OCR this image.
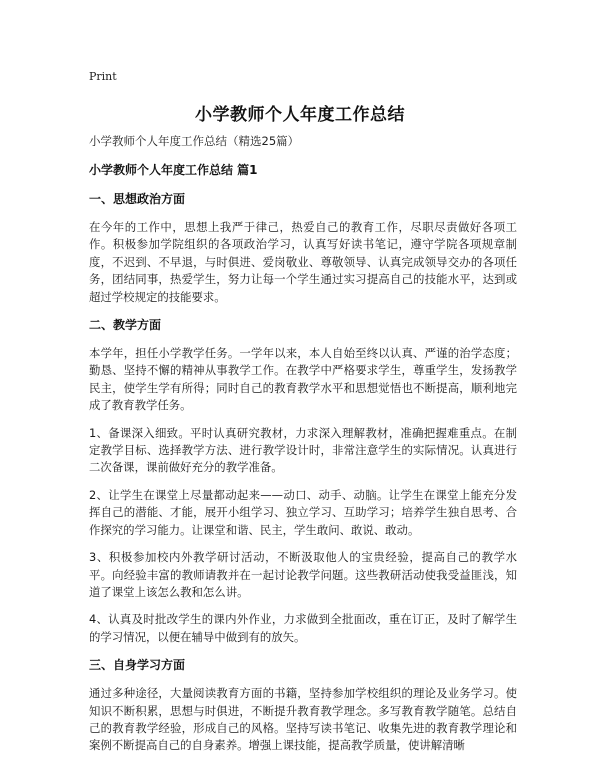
Print
小学教师个人年度工作总结

小学教师个人年度工作总结（精选25篇）

小学教师个人年度工作总结 篇1

一、思想政治方面

在今年的工作中，思想上我严于律己，热爱自己的教育工作，尽职尽责做好各项工作。积极参加学院组织的各项政治学习，认真写好读书笔记，遵守学院各项规章制度，不迟到、不早退，与时俱进、爱岗敬业、尊敬领导、认真完成领导交办的各项任务，团结同事，热爱学生，努力让每一个学生通过实习提高自己的技能水平，达到或超过学校规定的技能要求。

二、教学方面

本学年，担任小学教学任务。一学年以来，本人自始至终以认真、严谨的治学态度；勤恳、坚持不懈的精神从事教学工作。在教学中严格要求学生，尊重学生，发扬教学民主，使学生学有所得；同时自己的教育教学水平和思想觉悟也不断提高，顺利地完成了教育教学任务。

1、备课深入细致。平时认真研究教材，力求深入理解教材，准确把握难重点。在制定教学目标、选择教学方法、进行教学设计时，非常注意学生的实际情况。认真进行二次备课，课前做好充分的教学准备。

2、让学生在课堂上尽量都动起来——动口、动手、动脑。让学生在课堂上能充分发挥自己的潜能、才能，展开小组学习、独立学习、互助学习；培养学生独自思考、合作探究的学习能力。让课堂和谐、民主，学生敢问、敢说、敢动。

3、积极参加校内外教学研讨活动，不断汲取他人的宝贵经验，提高自己的教学水平。向经验丰富的教师请教并在一起讨论教学问题。这些教研活动使我受益匪浅，知道了课堂上该怎么教和怎么讲。

4、认真及时批改学生的课内外作业，力求做到全批面改，重在订正，及时了解学生的学习情况，以便在辅导中做到有的放矢。

三、自身学习方面

通过多种途径，大量阅读教育方面的书籍，坚持参加学校组织的理论及业务学习。使知识不断积累，思想与时俱进，不断提升教育教学理念。多写教育教学随笔。总结自己的教育教学经验，形成自己的风格。坚持写读书笔记、收集先进的教育教学理论和案例不断提高自己的自身素养。增强上课技能，提高教学质量，使讲解清晰
